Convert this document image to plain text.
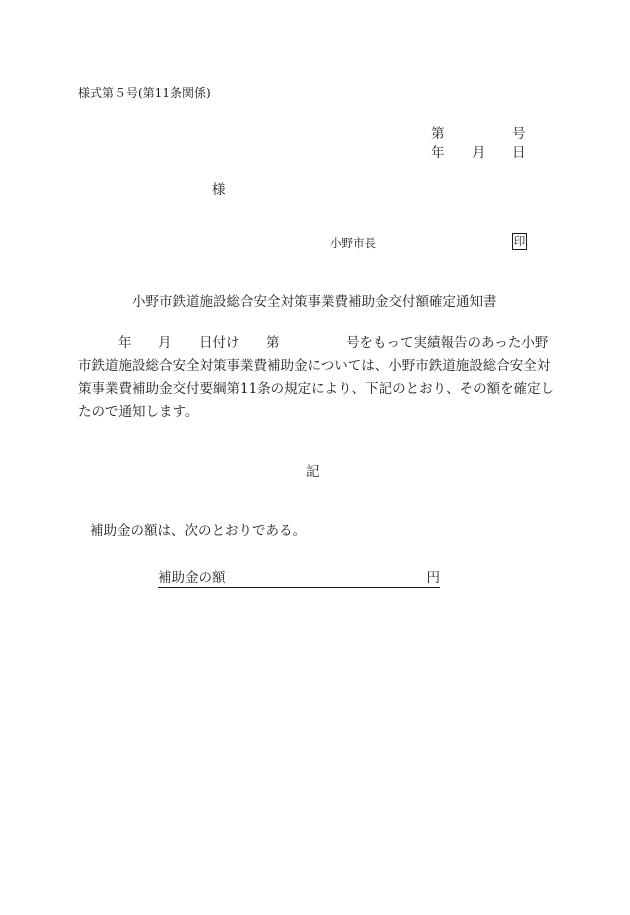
様式第５号(第11条関係)
第	号
年 月 日
様
小野市長	印
小野市鉄道施設総合安全対策事業費補助金交付額確定通知書
年 月 日付け 第	号をもって実績報告のあった小野
市鉄道施設総合安全対策事業費補助金については、小野市鉄道施設総合安全対
策事業費補助金交付要綱第11条の規定により、下記のとおり、その額を確定し
たので通知します。
記
補助金の額は、次のとおりである。
補助金の額	円
